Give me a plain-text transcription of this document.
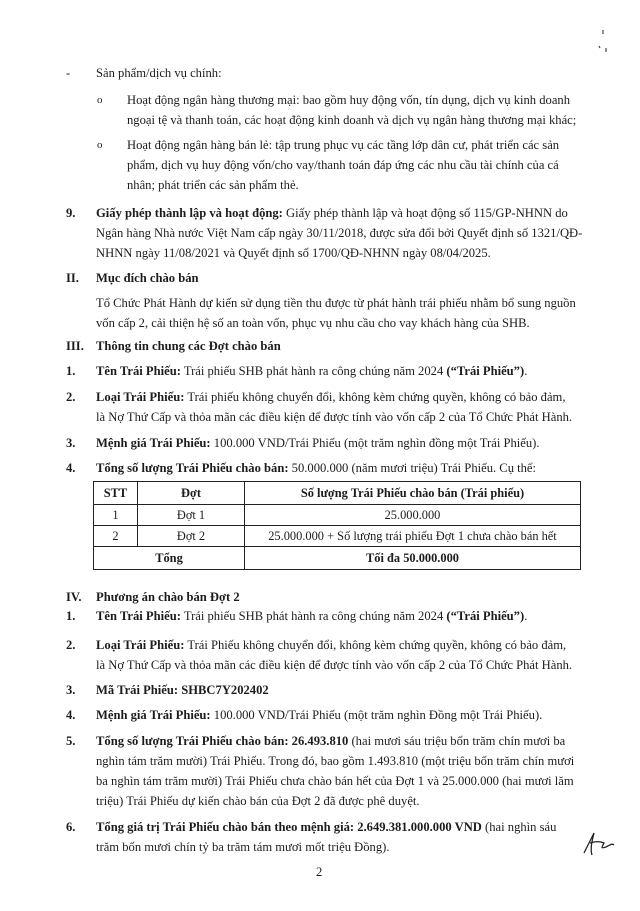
- Sản phẩm/dịch vụ chính:
o Hoạt động ngân hàng thương mại: bao gồm huy động vốn, tín dụng, dịch vụ kinh doanh
ngoại tệ và thanh toán, các hoạt động kinh doanh và dịch vụ ngân hàng thương mại khác;
o Hoạt động ngân hàng bán lẻ: tập trung phục vụ các tầng lớp dân cư, phát triển các sản
phẩm, dịch vụ huy động vốn/cho vay/thanh toán đáp ứng các nhu cầu tài chính của cá
nhân; phát triển các sản phẩm thẻ.
9. Giấy phép thành lập và hoạt động: Giấy phép thành lập và hoạt động số 115/GP-NHNN do
Ngân hàng Nhà nước Việt Nam cấp ngày 30/11/2018, được sửa đổi bởi Quyết định số 1321/QĐ-
NHNN ngày 11/08/2021 và Quyết định số 1700/QĐ-NHNN ngày 08/04/2025.
II. Mục đích chào bán
Tổ Chức Phát Hành dự kiến sử dụng tiền thu được từ phát hành trái phiếu nhằm bổ sung nguồn
vốn cấp 2, cải thiện hệ số an toàn vốn, phục vụ nhu cầu cho vay khách hàng của SHB.
III. Thông tin chung các Đợt chào bán
1. Tên Trái Phiếu: Trái phiếu SHB phát hành ra công chúng năm 2024 (“Trái Phiếu”).
2. Loại Trái Phiếu: Trái phiếu không chuyển đổi, không kèm chứng quyền, không có bảo đảm,
là Nợ Thứ Cấp và thỏa mãn các điều kiện để được tính vào vốn cấp 2 của Tổ Chức Phát Hành.
3. Mệnh giá Trái Phiếu: 100.000 VND/Trái Phiếu (một trăm nghìn đồng một Trái Phiếu).
4. Tổng số lượng Trái Phiếu chào bán: 50.000.000 (năm mươi triệu) Trái Phiếu. Cụ thể:
STT	Đợt	Số lượng Trái Phiếu chào bán (Trái phiếu)
1	Đợt 1	25.000.000
2	Đợt 2	25.000.000 + Số lượng trái phiếu Đợt 1 chưa chào bán hết
Tổng		Tối đa 50.000.000
IV. Phương án chào bán Đợt 2
1. Tên Trái Phiếu: Trái phiếu SHB phát hành ra công chúng năm 2024 (“Trái Phiếu”).
2. Loại Trái Phiếu: Trái Phiếu không chuyển đổi, không kèm chứng quyền, không có bảo đảm,
là Nợ Thứ Cấp và thỏa mãn các điều kiện để được tính vào vốn cấp 2 của Tổ Chức Phát Hành.
3. Mã Trái Phiếu: SHBC7Y202402
4. Mệnh giá Trái Phiếu: 100.000 VND/Trái Phiếu (một trăm nghìn Đồng một Trái Phiếu).
5. Tổng số lượng Trái Phiếu chào bán: 26.493.810 (hai mươi sáu triệu bốn trăm chín mươi ba
nghìn tám trăm mười) Trái Phiếu. Trong đó, bao gồm 1.493.810 (một triệu bốn trăm chín mươi
ba nghìn tám trăm mười) Trái Phiếu chưa chào bán hết của Đợt 1 và 25.000.000 (hai mươi lăm
triệu) Trái Phiếu dự kiến chào bán của Đợt 2 đã được phê duyệt.
6. Tổng giá trị Trái Phiếu chào bán theo mệnh giá: 2.649.381.000.000 VND (hai nghìn sáu
trăm bốn mươi chín tỷ ba trăm tám mươi mốt triệu Đồng).
2
